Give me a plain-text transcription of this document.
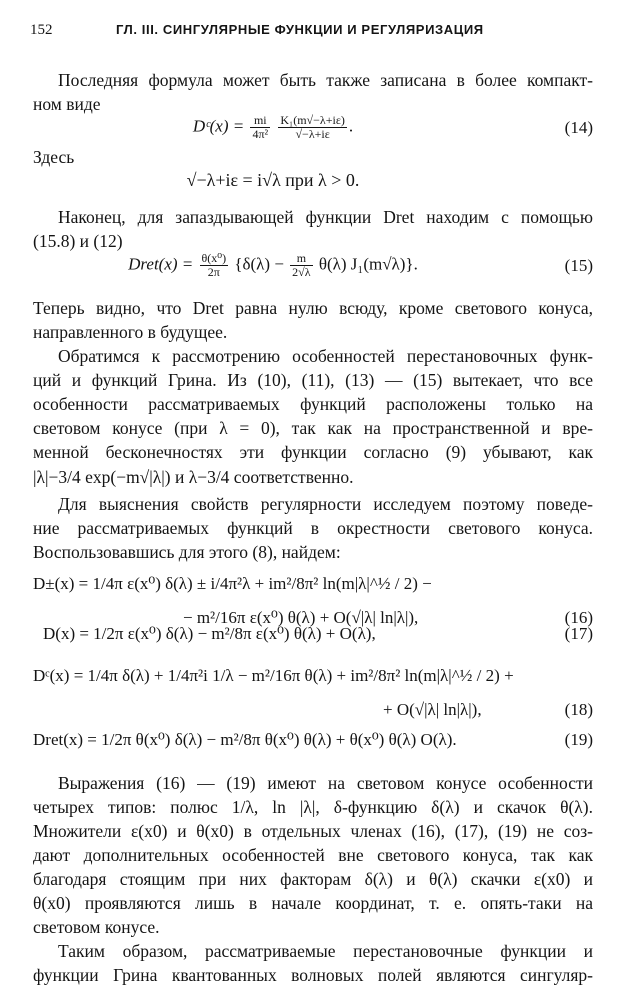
152	ГЛ. III. СИНГУЛЯРНЫЕ ФУНКЦИИ И РЕГУЛЯРИЗАЦИЯ

Последняя формула может быть также записана в более компакт-

ном виде

Dᶜ(x) = $\frac{mi}{\text{4π²}}$
$\frac{\text{K₁(m√−λ+iε)}}{√-\lambda+i\varepsilon}$ .	(14)

Здесь

√−λ+iε = i√λ при λ > 0.

Наконец, для запаздывающей функции Dret находим с помощью

(15.8) и (12)

Dret(x) = $\frac{\text{θ(x⁰)}}{2\pi} \{\delta(\lambda) - \frac{m}{2√\lambda} \theta(\lambda)$ J₁(m√λ)}.	(15)

Теперь видно, что Dret равна нулю всюду, кроме светового конуса,

направленного в будущее.

Обратимся к рассмотрению особенностей перестановочных функ-

ций и функций Грина. Из (10), (11), (13) — (15) вытекает, что все

особенности рассматриваемых функций расположены только на

световом конусе (при λ = 0), так как на пространственной и вре-

менной бесконечностях эти функции согласно (9) убывают, как

|λ|−3/4 exp(−m√|λ|) и λ−3/4 соответственно.

Для выяснения свойств регулярности исследуем поэтому поведе-

ние рассматриваемых функций в окрестности светового конуса.

Воспользовавшись для этого (8), найдем:

D±(x) = 1/4π ε(x⁰) δ(λ) ± i/4π²λ + im²/8π² ln(m|λ|^½ / 2) −
− m²/16π ε(x⁰) θ(λ) + O(√|λ| ln|λ|),	(16)
D(x) = 1/2π ε(x⁰) δ(λ) − m²/8π ε(x⁰) θ(λ) + O(λ),	(17)
Dᶜ(x) = 1/4π δ(λ) + 1/4π²i 1/λ − m²/16π θ(λ) + im²/8π² ln(m|λ|^½ / 2) +
+ O(√|λ| ln|λ|),	(18)
Dret(x) = 1/2π θ(x⁰) δ(λ) − m²/8π θ(x⁰) θ(λ) + θ(x⁰) θ(λ) O(λ).	(19)

Выражения (16) — (19) имеют на световом конусе особенности

четырех типов: полюс 1/λ, ln |λ|, δ-функцию δ(λ) и скачок θ(λ).

Множители ε(x0) и θ(x0) в отдельных членах (16), (17), (19) не соз-

дают дополнительных особенностей вне светового конуса, так как

благодаря стоящим при них факторам δ(λ) и θ(λ) скачки ε(x0) и

θ(x0) проявляются лишь в начале координат, т. е. опять-таки на

световом конусе.

Таким образом, рассматриваемые перестановочные функции и

функции Грина квантованных волновых полей являются сингуляр-
